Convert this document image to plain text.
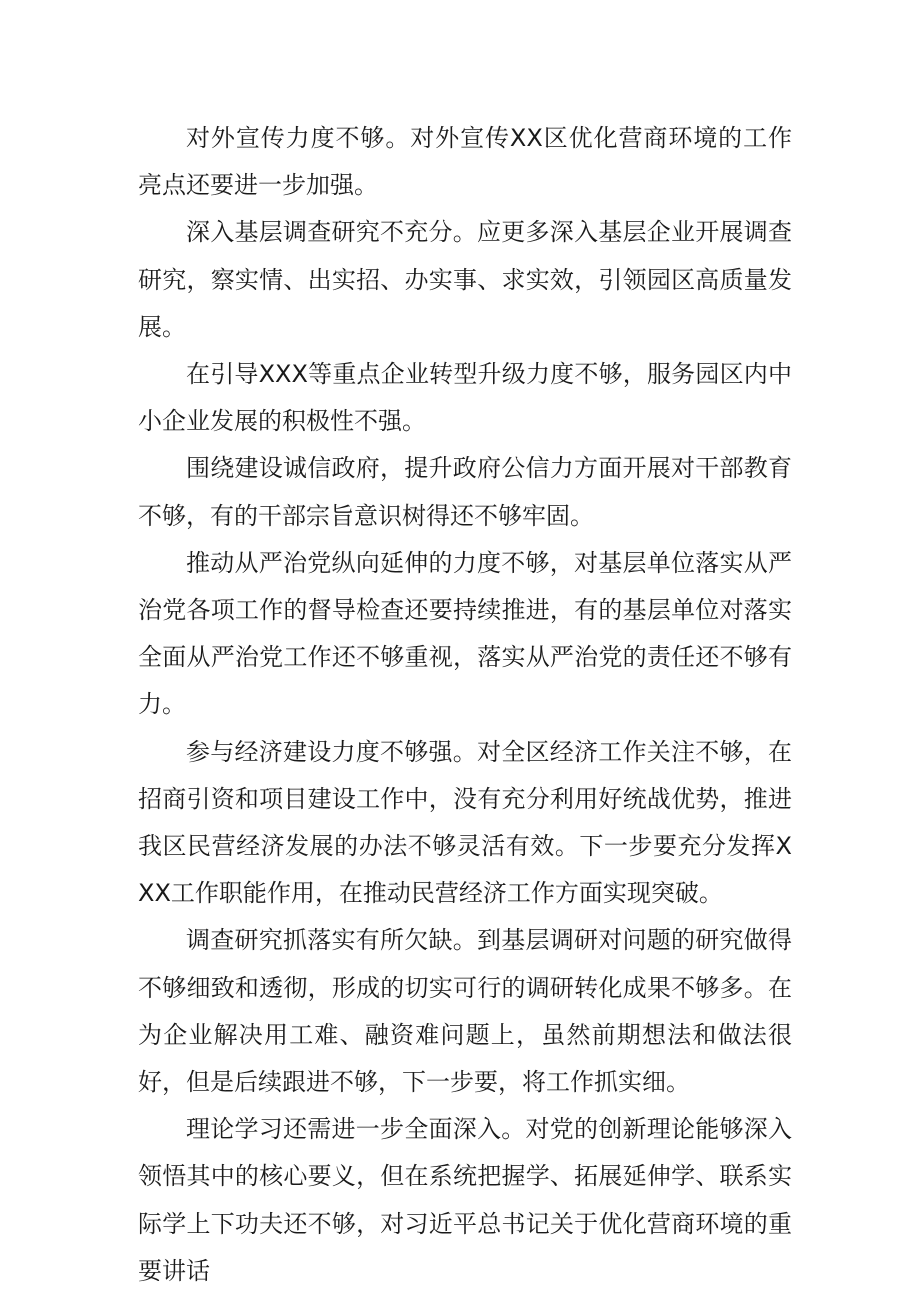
对外宣传力度不够。对外宣传XX区优化营商环境的工作亮点还要进一步加强。

深入基层调查研究不充分。应更多深入基层企业开展调查研究，察实情、出实招、办实事、求实效，引领园区高质量发展。

在引导XXX等重点企业转型升级力度不够，服务园区内中小企业发展的积极性不强。

围绕建设诚信政府，提升政府公信力方面开展对干部教育不够，有的干部宗旨意识树得还不够牢固。

推动从严治党纵向延伸的力度不够，对基层单位落实从严治党各项工作的督导检查还要持续推进，有的基层单位对落实全面从严治党工作还不够重视，落实从严治党的责任还不够有力。

参与经济建设力度不够强。对全区经济工作关注不够，在招商引资和项目建设工作中，没有充分利用好统战优势，推进我区民营经济发展的办法不够灵活有效。下一步要充分发挥XXX工作职能作用，在推动民营经济工作方面实现突破。

调查研究抓落实有所欠缺。到基层调研对问题的研究做得不够细致和透彻，形成的切实可行的调研转化成果不够多。在为企业解决用工难、融资难问题上，虽然前期想法和做法很好，但是后续跟进不够，下一步要，将工作抓实细。

理论学习还需进一步全面深入。对党的创新理论能够深入领悟其中的核心要义，但在系统把握学、拓展延伸学、联系实际学上下功夫还不够，对习近平总书记关于优化营商环境的重要讲话
